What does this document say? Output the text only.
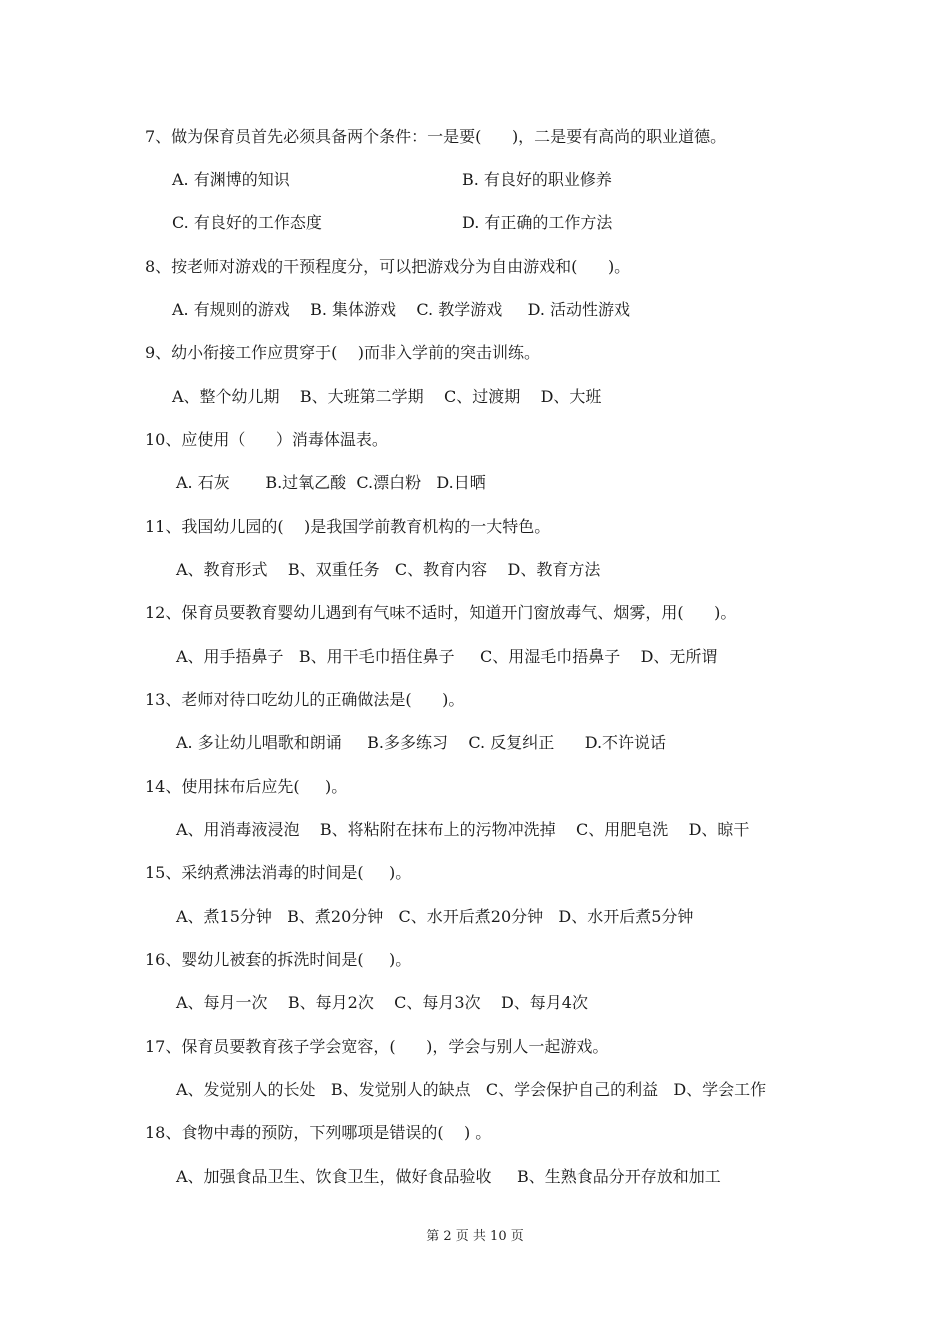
7、做为保育员首先必须具备两个条件：一是要(      )，二是要有高尚的职业道德。
A. 有渊博的知识	B. 有良好的职业修养
C. 有良好的工作态度	D. 有正确的工作方法
8、按老师对游戏的干预程度分，可以把游戏分为自由游戏和(      )。
A. 有规则的游戏    B. 集体游戏    C. 教学游戏     D. 活动性游戏
9、幼小衔接工作应贯穿于(    )而非入学前的突击训练。
A、整个幼儿期    B、大班第二学期    C、过渡期    D、大班
10、应使用（      ）消毒体温表。
A. 石灰       B.过氧乙酸  C.漂白粉   D.日晒
11、我国幼儿园的(    )是我国学前教育机构的一大特色。
A、教育形式    B、双重任务   C、教育内容    D、教育方法
12、保育员要教育婴幼儿遇到有气味不适时，知道开门窗放毒气、烟雾，用(      )。
A、用手捂鼻子   B、用干毛巾捂住鼻子     C、用湿毛巾捂鼻子    D、无所谓
13、老师对待口吃幼儿的正确做法是(      )。
A. 多让幼儿唱歌和朗诵     B.多多练习    C. 反复纠正      D.不许说话
14、使用抹布后应先(     )。
A、用消毒液浸泡    B、将粘附在抹布上的污物冲洗掉    C、用肥皂洗    D、晾干
15、采纳煮沸法消毒的时间是(     )。
A、煮15分钟   B、煮20分钟   C、水开后煮20分钟   D、水开后煮5分钟
16、婴幼儿被套的拆洗时间是(     )。
A、每月一次    B、每月2次    C、每月3次    D、每月4次
17、保育员要教育孩子学会宽容，(      )，学会与别人一起游戏。
A、发觉别人的长处   B、发觉别人的缺点   C、学会保护自己的利益   D、学会工作
18、食物中毒的预防，下列哪项是错误的(    ) 。
A、加强食品卫生、饮食卫生，做好食品验收     B、生熟食品分开存放和加工
第 2 页 共 10 页
